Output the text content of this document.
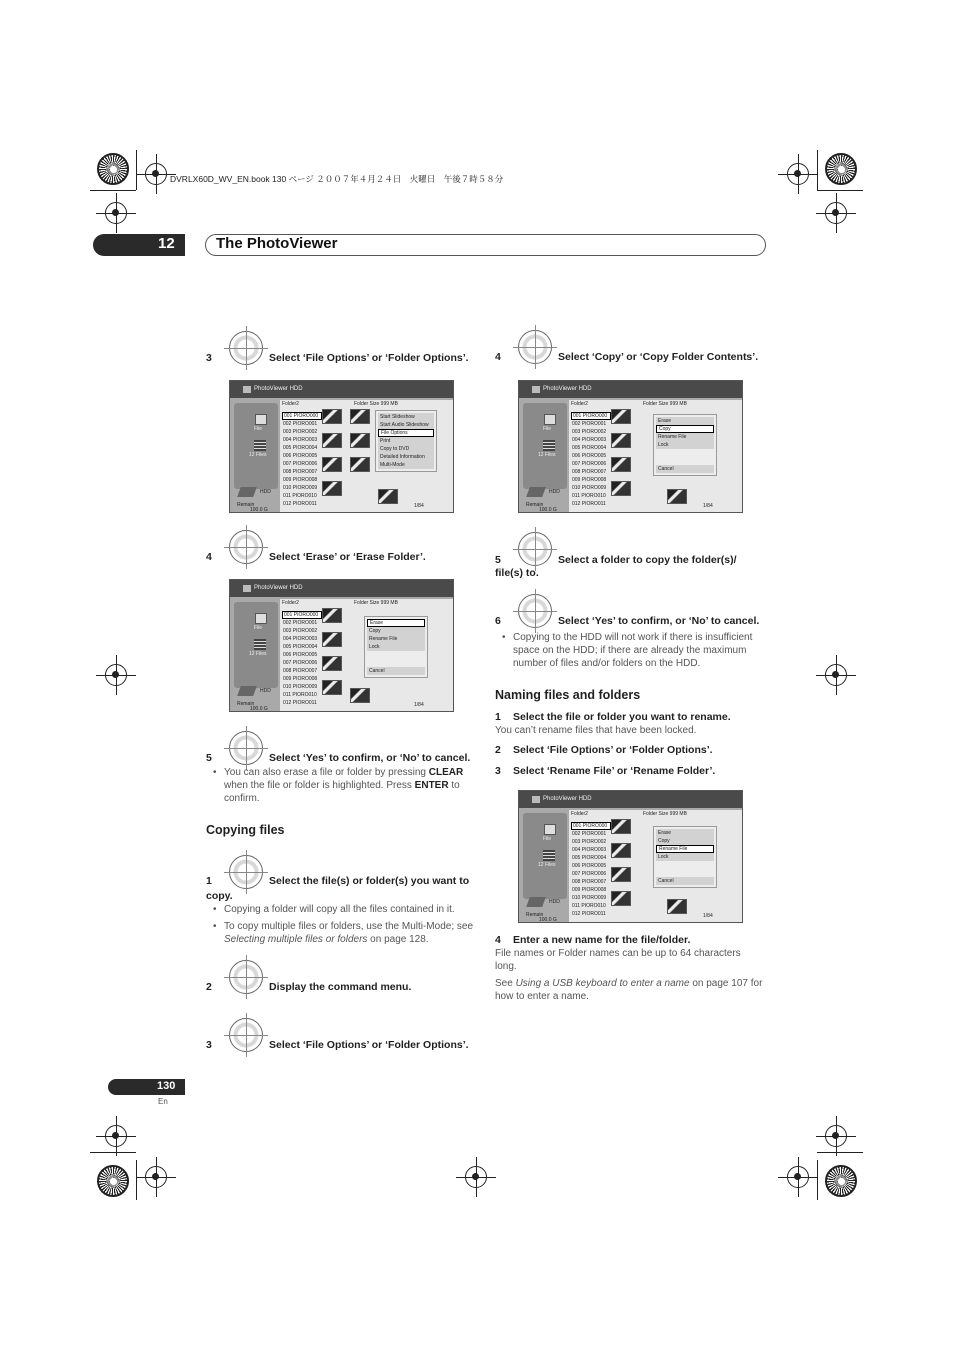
DVRLX60D_WV_EN.book 130 ページ ２００７年４月２４日　火曜日　午後７時５８分
12	The PhotoViewer
3	Select ‘File Options’ or ‘Folder Options’.
PhotoViewer HDD
File
12 Files
HDD
Remain
100.0 G
Folder2	Folder Size 999 MB
001 PIORO000
002 PIORO001
003 PIORO002
004 PIORO003
005 PIORO004
006 PIORO005
007 PIORO006
008 PIORO007
009 PIORO008
010 PIORO009
011 PIORO010
012 PIORO011
Start Slideshow
Start Audio Slideshow
File Options
Print
Copy to DVD
Detailed Information
Multi-Mode
1/84
4	Select ‘Erase’ or ‘Erase Folder’.
PhotoViewer HDD
File
12 Files
HDD
Remain
100.0 G
Folder2	Folder Size 999 MB
001 PIORO000
002 PIORO001
003 PIORO002
004 PIORO003
005 PIORO004
006 PIORO005
007 PIORO006
008 PIORO007
009 PIORO008
010 PIORO009
011 PIORO010
012 PIORO011
Erase
Copy
Rename File
Lock
Cancel
1/84
5	Select ‘Yes’ to confirm, or ‘No’ to cancel.
• You can also erase a file or folder by pressing CLEAR when the file or folder is highlighted. Press ENTER to confirm.
Copying files
1	Select the file(s) or folder(s) you want to
copy.
• Copying a folder will copy all the files contained in it.
• To copy multiple files or folders, use the Multi-Mode; see Selecting multiple files or folders on page 128.
2	Display the command menu.
3	Select ‘File Options’ or ‘Folder Options’.
4	Select ‘Copy’ or ‘Copy Folder Contents’.
PhotoViewer HDD
File
12 Files
HDD
Remain
100.0 G
Folder2	Folder Size 999 MB
001 PIORO000
002 PIORO001
003 PIORO002
004 PIORO003
005 PIORO004
006 PIORO005
007 PIORO006
008 PIORO007
009 PIORO008
010 PIORO009
011 PIORO010
012 PIORO011
Erase
Copy
Rename File
Lock
Cancel
1/84
5	Select a folder to copy the folder(s)/
file(s) to.
6	Select ‘Yes’ to confirm, or ‘No’ to cancel.
• Copying to the HDD will not work if there is insufficient space on the HDD; if there are already the maximum number of files and/or folders on the HDD.
Naming files and folders
1 Select the file or folder you want to rename.
You can’t rename files that have been locked.
2 Select ‘File Options’ or ‘Folder Options’.
3 Select ‘Rename File’ or ‘Rename Folder’.
PhotoViewer HDD
File
12 Files
HDD
Remain
100.0 G
Folder2	Folder Size 999 MB
001 PIORO000
002 PIORO001
003 PIORO002
004 PIORO003
005 PIORO004
006 PIORO005
007 PIORO006
008 PIORO007
009 PIORO008
010 PIORO009
011 PIORO010
012 PIORO011
Erase
Copy
Rename File
Lock
Cancel
1/84
4 Enter a new name for the file/folder.
File names or Folder names can be up to 64 characters long.
See Using a USB keyboard to enter a name on page 107 for how to enter a name.
130
En
